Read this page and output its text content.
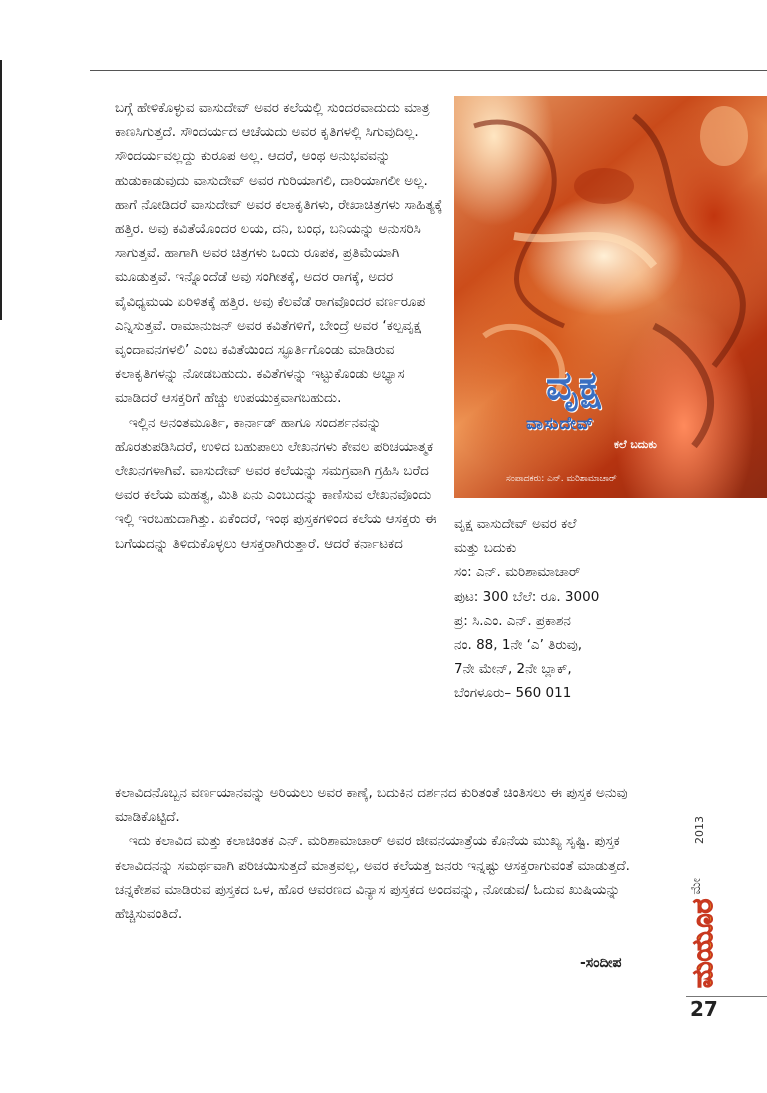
ಬಗ್ಗೆ ಹೇಳಿಕೊಳ್ಳುವ ವಾಸುದೇವ್ ಅವರ ಕಲೆಯಲ್ಲಿ ಸುಂದರವಾದುದು ಮಾತ್ರ ಕಾಣಸಿಗುತ್ತದೆ. ಸೌಂದರ್ಯದ ಆಚೆಯದು ಅವರ ಕೃತಿಗಳಲ್ಲಿ ಸಿಗುವುದಿಲ್ಲ. ಸೌಂದರ್ಯವಲ್ಲದ್ದು ಕುರೂಪ ಅಲ್ಲ. ಆದರೆ, ಅಂಥ ಅನುಭವವನ್ನು ಹುಡುಕಾಡುವುದು ವಾಸುದೇವ್ ಅವರ ಗುರಿಯಾಗಲಿ, ದಾರಿಯಾಗಲೀ ಅಲ್ಲ. ಹಾಗೆ ನೋಡಿದರೆ ವಾಸುದೇವ್ ಅವರ ಕಲಾಕೃತಿಗಳು, ರೇಖಾಚಿತ್ರಗಳು ಸಾಹಿತ್ಯಕ್ಕೆ ಹತ್ತಿರ. ಅವು ಕವಿತೆಯೊಂದರ ಲಯ, ದನಿ, ಬಂಧ, ಬನಿಯನ್ನು ಅನುಸರಿಸಿ ಸಾಗುತ್ತವೆ. ಹಾಗಾಗಿ ಅವರ ಚಿತ್ರಗಳು ಒಂದು ರೂಪಕ, ಪ್ರತಿಮೆಯಾಗಿ ಮೂಡುತ್ತವೆ. ಇನ್ನೊಂದೆಡೆ ಅವು ಸಂಗೀತಕ್ಕೆ, ಅದರ ರಾಗಕ್ಕೆ, ಅದರ ವೈವಿಧ್ಯಮಯ ಏರಿಳಿತಕ್ಕೆ ಹತ್ತಿರ. ಅವು ಕೆಲವೆಡೆ ರಾಗವೊಂದರ ವರ್ಣರೂಪ ಎನ್ನಿಸುತ್ತವೆ. ರಾಮಾನುಜನ್ ಅವರ ಕವಿತೆಗಳಿಗೆ, ಬೇಂದ್ರೆ ಅವರ ‘ಕಲ್ಪವೃಕ್ಷ ವೃಂದಾವನಗಳಲಿ’ ಎಂಬ ಕವಿತೆಯಿಂದ ಸ್ಫೂರ್ತಿಗೊಂಡು ಮಾಡಿರುವ ಕಲಾಕೃತಿಗಳನ್ನು ನೋಡಬಹುದು. ಕವಿತೆಗಳನ್ನು ಇಟ್ಟುಕೊಂಡು ಅಭ್ಯಾಸ ಮಾಡಿದರೆ ಆಸಕ್ತರಿಗೆ ಹೆಚ್ಚು ಉಪಯುಕ್ತವಾಗಬಹುದು.

ಇಲ್ಲಿನ ಅನಂತಮೂರ್ತಿ, ಕಾರ್ನಾಡ್ ಹಾಗೂ ಸಂದರ್ಶನವನ್ನು ಹೊರತುಪಡಿಸಿದರೆ, ಉಳಿದ ಬಹುಪಾಲು ಲೇಖನಗಳು ಕೇವಲ ಪರಿಚಯಾತ್ಮಕ ಲೇಖನಗಳಾಗಿವೆ. ವಾಸುದೇವ್ ಅವರ ಕಲೆಯನ್ನು ಸಮಗ್ರವಾಗಿ ಗ್ರಹಿಸಿ ಬರೆದ ಅವರ ಕಲೆಯ ಮಹತ್ವ, ಮಿತಿ ಏನು ಎಂಬುದನ್ನು ಕಾಣಿಸುವ ಲೇಖನವೊಂದು ಇಲ್ಲಿ ಇರಬಹುದಾಗಿತ್ತು. ಏಕೆಂದರೆ, ಇಂಥ ಪುಸ್ತಕಗಳಿಂದ ಕಲೆಯ ಆಸಕ್ತರು ಈ ಬಗೆಯದನ್ನು ತಿಳಿದುಕೊಳ್ಳಲು ಆಸಕ್ತರಾಗಿರುತ್ತಾರೆ. ಆದರೆ ಕರ್ನಾಟಕದ

ವೃಕ್ಷ
ವಾಸುದೇವ್
ಕಲೆ ಬದುಕು
ಸಂಪಾದಕರು: ಎನ್. ಮರಿಶಾಮಾಚಾರ್

ವೃಕ್ಷ ವಾಸುದೇವ್ ಅವರ ಕಲೆ

ಮತ್ತು ಬದುಕು

ಸಂ: ಎನ್. ಮರಿಶಾಮಾಚಾರ್

ಪುಟ: 300 ಬೆಲೆ: ರೂ. 3000

ಪ್ರ: ಸಿ.ಎಂ. ಎನ್. ಪ್ರಕಾಶನ

ನಂ. 88, 1ನೇ ‘ಎ’ ತಿರುವು,

7ನೇ ಮೇನ್, 2ನೇ ಬ್ಲಾಕ್,

ಬೆಂಗಳೂರು– 560 011

ಕಲಾವಿದನೊಬ್ಬನ ವರ್ಣಯಾನವನ್ನು ಅರಿಯಲು ಅವರ ಕಾಣ್ಕೆ, ಬದುಕಿನ ದರ್ಶನದ ಕುರಿತಂತೆ ಚಿಂತಿಸಲು ಈ ಪುಸ್ತಕ ಅನುವು ಮಾಡಿಕೊಟ್ಟಿದೆ.

ಇದು ಕಲಾವಿದ ಮತ್ತು ಕಲಾಚಿಂತಕ ಎನ್. ಮರಿಶಾಮಾಚಾರ್ ಅವರ ಜೀವನಯಾತ್ರೆಯ ಕೊನೆಯ ಮುಖ್ಯ ಸೃಷ್ಟಿ. ಪುಸ್ತಕ ಕಲಾವಿದನನ್ನು ಸಮರ್ಥವಾಗಿ ಪರಿಚಯಿಸುತ್ತದೆ ಮಾತ್ರವಲ್ಲ, ಅವರ ಕಲೆಯತ್ತ ಜನರು ಇನ್ನಷ್ಟು ಆಸಕ್ತರಾಗುವಂತೆ ಮಾಡುತ್ತದೆ. ಚನ್ನಕೇಶವ ಮಾಡಿರುವ ಪುಸ್ತಕದ ಒಳ, ಹೊರ ಆವರಣದ ವಿನ್ಯಾಸ ಪುಸ್ತಕದ ಅಂದವನ್ನು, ನೋಡುವ/ ಓದುವ ಖುಷಿಯನ್ನು ಹೆಚ್ಚಿಸುವಂತಿದೆ.

-ಸಂದೀಪ
2013
ಮೇ
ಮಯೂರ
27
